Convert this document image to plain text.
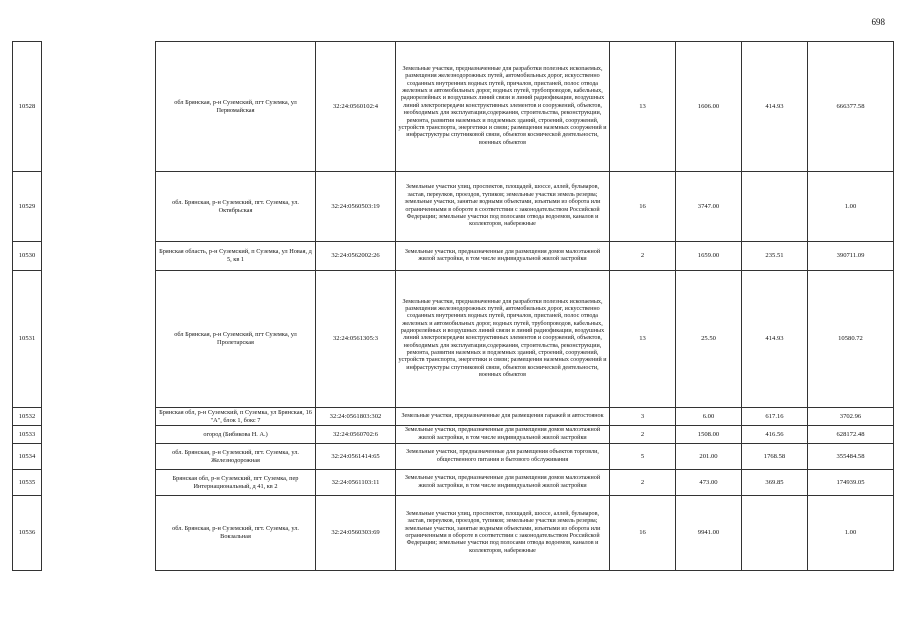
698
10528		обл Брянская, р-н Суземский, пгт Суземка, ул Первомайская	32:24:0560102:4	Земельные участки, предназначенные для разработки полезных ископаемых, размещения железнодорожных путей, автомобильных дорог, искусственно созданных внутренних водных путей, причалов, пристаней, полос отвода железных и автомобильных дорог, водных путей, трубопроводов, кабельных, радиорелейных и воздушных линий связи и линий радиофикации, воздушных линий электропередачи конструктивных элементов и сооружений, объектов, необходимых для эксплуатации,содержания, строительства, реконструкции, ремонта, развития наземных и подземных зданий, строений, сооружений, устройств транспорта, энергетики и связи; размещения наземных сооружений и инфраструктуры спутниковой связи, объектов космической деятельности, военных объектов	13	1606.00	414.93	666377.58
10529		обл. Брянская, р-н Суземский, пгт. Суземка, ул. Октябрьская	32:24:0560503:19	Земельные участки улиц, проспектов, площадей, шоссе, аллей, бульваров, застав, переулков, проездов, тупиков; земельные участки земель резерва; земельные участки, занятые водными объектами, изъятыми из оборота или ограниченными в обороте в соответствии с законодательством Российской Федерации; земельные участки под полосами отвода водоемов, каналов и коллекторов, набережные	16	3747.00		1.00
10530		Брянская область, р-н Суземский, п Суземка, ул Новая, д 5, кв 1	32:24:0562002:26	Земельные участки, предназначенные для размещения домов малоэтажной жилой застройки, в том числе индивидуальной жилой застройки	2	1659.00	235.51	390711.09
10531		обл Брянская, р-н Суземский, пгт Суземка, ул Пролетарская	32:24:0561305:3	Земельные участки, предназначенные для разработки полезных ископаемых, размещения железнодорожных путей, автомобильных дорог, искусственно созданных внутренних водных путей, причалов, пристаней, полос отвода железных и автомобильных дорог, водных путей, трубопроводов, кабельных, радиорелейных и воздушных линий связи и линий радиофикации, воздушных линий электропередачи конструктивных элементов и сооружений, объектов, необходимых для эксплуатации,содержания, строительства, реконструкции, ремонта, развития наземных и подземных зданий, строений, сооружений, устройств транспорта, энергетики и связи; размещения наземных сооружений и инфраструктуры спутниковой связи, объектов космической деятельности, военных объектов	13	25.50	414.93	10580.72
10532		Брянская обл, р-н Суземский, п Суземка, ул Брянская, 16 "А", блок 1, бокс 7	32:24:0561803:302	Земельные участки, предназначенные для размещения гаражей и автостоянок	3	6.00	617.16	3702.96
10533		огород (Бибикова Н. А.)	32:24:0560702:6	Земельные участки, предназначенные для размещения домов малоэтажной жилой застройки, в том числе индивидуальной жилой застройки	2	1508.00	416.56	628172.48
10534		обл. Брянская, р-н Суземский, пгт. Суземка, ул. Железнодорожная	32:24:0561414:65	Земельные участки, предназначенные для размещения объектов торговли, общественного питания и бытового обслуживания	5	201.00	1768.58	355484.58
10535		Брянская обл, р-н Суземский, пгт Суземка, пер Интернациональный, д 41, кв 2	32:24:0561103:11	Земельные участки, предназначенные для размещения домов малоэтажной жилой застройки, в том числе индивидуальной жилой застройки	2	473.00	369.85	174939.05
10536		обл. Брянская, р-н Суземский, пгт. Суземка, ул. Вокзальная	32:24:0560303:69	Земельные участки улиц, проспектов, площадей, шоссе, аллей, бульваров, застав, переулков, проездов, тупиков; земельные участки земель резерва; земельные участки, занятые водными объектами, изъятыми из оборота или ограниченными в обороте в соответствии с законодательством Российской Федерации; земельные участки под полосами отвода водоемов, каналов и коллекторов, набережные	16	9941.00		1.00
